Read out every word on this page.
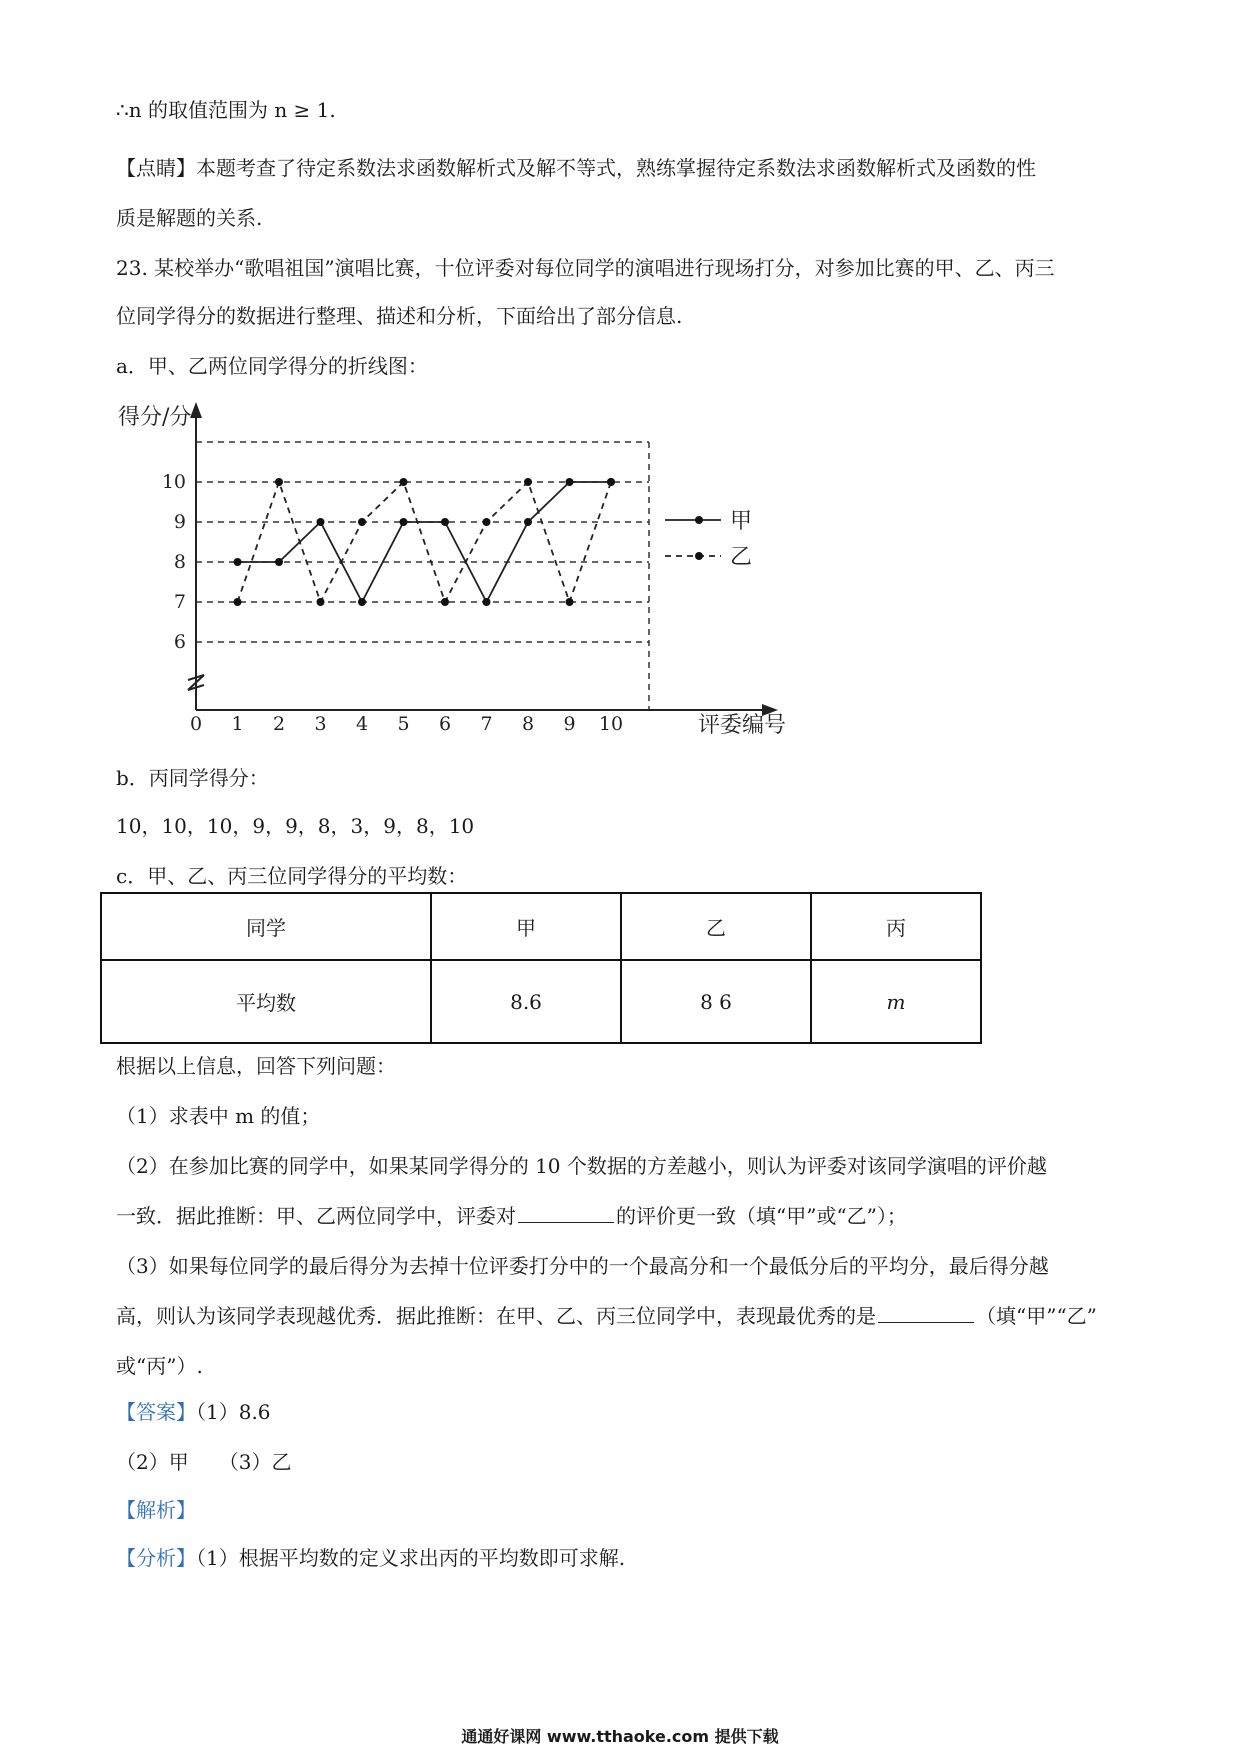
∴n 的取值范围为 n ≥ 1.
【点睛】本题考查了待定系数法求函数解析式及解不等式，熟练掌握待定系数法求函数解析式及函数的性
质是解题的关系.
23. 某校举办“歌唱祖国”演唱比赛，十位评委对每位同学的演唱进行现场打分，对参加比赛的甲、乙、丙三
位同学得分的数据进行整理、描述和分析，下面给出了部分信息.
a．甲、乙两位同学得分的折线图：
6
7
8
9
10
0 1 2 3 4 5 6 7 8 9 10
得分/分
评委编号
甲
乙
b．丙同学得分：
10，10，10，9，9，8，3，9，8，10
c．甲、乙、丙三位同学得分的平均数：
同学	甲	乙	丙
平均数	8.6	8 6	m
根据以上信息，回答下列问题：
（1）求表中 m 的值；
（2）在参加比赛的同学中，如果某同学得分的 10 个数据的方差越小，则认为评委对该同学演唱的评价越
一致．据此推断：甲、乙两位同学中，评委对	的评价更一致（填“甲”或“乙”）；
（3）如果每位同学的最后得分为去掉十位评委打分中的一个最高分和一个最低分后的平均分，最后得分越
高，则认为该同学表现越优秀．据此推断：在甲、乙、丙三位同学中，表现最优秀的是	（填“甲”“乙”
或“丙”）.
【答案】（1）8.6
（2）甲　　（3）乙
【解析】
【分析】（1）根据平均数的定义求出丙的平均数即可求解.
通通好课网 www.tthaoke.com 提供下载
